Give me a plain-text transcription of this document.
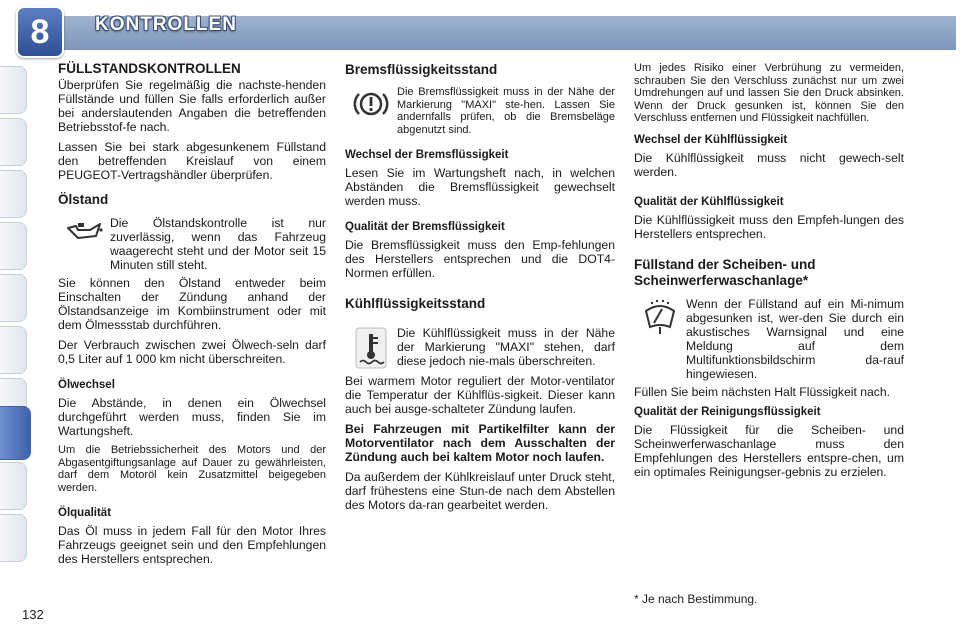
8	KONTROLLEN
FÜLLSTANDSKONTROLLEN

Überprüfen Sie regelmäßig die nachste-henden Füllstände und füllen Sie falls erforderlich außer bei anderslautenden Angaben die betreffenden Betriebsstof-fe nach.

Lassen Sie bei stark abgesunkenem Füllstand den betreffenden Kreislauf von einem PEUGEOT-Vertragshändler überprüfen.

Ölstand

Die Ölstandskontrolle ist nur zuverlässig, wenn das Fahrzeug waagerecht steht und der Motor seit 15 Minuten still steht.

Sie können den Ölstand entweder beim Einschalten der Zündung anhand der Ölstandsanzeige im Kombiinstrument oder mit dem Ölmessstab durchführen.

Der Verbrauch zwischen zwei Ölwech-seln darf 0,5 Liter auf 1 000 km nicht überschreiten.

Ölwechsel

Die Abstände, in denen ein Ölwechsel durchgeführt werden muss, finden Sie im Wartungsheft.

Um die Betriebssicherheit des Motors und der Abgasentgiftungsanlage auf Dauer zu gewährleisten, darf dem Motoröl kein Zusatzmittel beigegeben werden.

Ölqualität

Das Öl muss in jedem Fall für den Motor Ihres Fahrzeugs geeignet sein und den Empfehlungen des Herstellers entsprechen.

Bremsflüssigkeitsstand

Die Bremsflüssigkeit muss in der Nähe der Markierung "MAXI" ste-hen. Lassen Sie andernfalls prüfen, ob die Bremsbeläge abgenutzt sind.

Wechsel der Bremsflüssigkeit

Lesen Sie im Wartungsheft nach, in welchen Abständen die Bremsflüssigkeit gewechselt werden muss.

Qualität der Bremsflüssigkeit

Die Bremsflüssigkeit muss den Emp-fehlungen des Herstellers entsprechen und die DOT4-Normen erfüllen.

Kühlflüssigkeitsstand

Die Kühlflüssigkeit muss in der Nähe der Markierung "MAXI" stehen, darf diese jedoch nie-mals überschreiten.

Bei warmem Motor reguliert der Motor-ventilator die Temperatur der Kühlflüs-sigkeit. Dieser kann auch bei ausge-schalteter Zündung laufen.

Bei Fahrzeugen mit Partikelfilter kann der Motorventilator nach dem Ausschalten der Zündung auch bei kaltem Motor noch laufen.

Da außerdem der Kühlkreislauf unter Druck steht, darf frühestens eine Stun-de nach dem Abstellen des Motors da-ran gearbeitet werden.

Um jedes Risiko einer Verbrühung zu vermeiden, schrauben Sie den Verschluss zunächst nur um zwei Umdrehungen auf und lassen Sie den Druck absinken. Wenn der Druck gesunken ist, können Sie den Verschluss entfernen und Flüssigkeit nachfüllen.

Wechsel der Kühlflüssigkeit

Die Kühlflüssigkeit muss nicht gewech-selt werden.

Qualität der Kühlflüssigkeit

Die Kühlflüssigkeit muss den Empfeh-lungen des Herstellers entsprechen.

Füllstand der Scheiben- und Scheinwerferwaschanlage*

Wenn der Füllstand auf ein Mi-nimum abgesunken ist, wer-den Sie durch ein akustisches Warnsignal und eine Meldung auf dem Multifunktionsbildschirm da-rauf hingewiesen.

Füllen Sie beim nächsten Halt Flüssigkeit nach.

Qualität der Reinigungsflüssigkeit

Die Flüssigkeit für die Scheiben- und Scheinwerferwaschanlage muss den Empfehlungen des Herstellers entspre-chen, um ein optimales Reinigungser-gebnis zu erzielen.

* Je nach Bestimmung.
132
